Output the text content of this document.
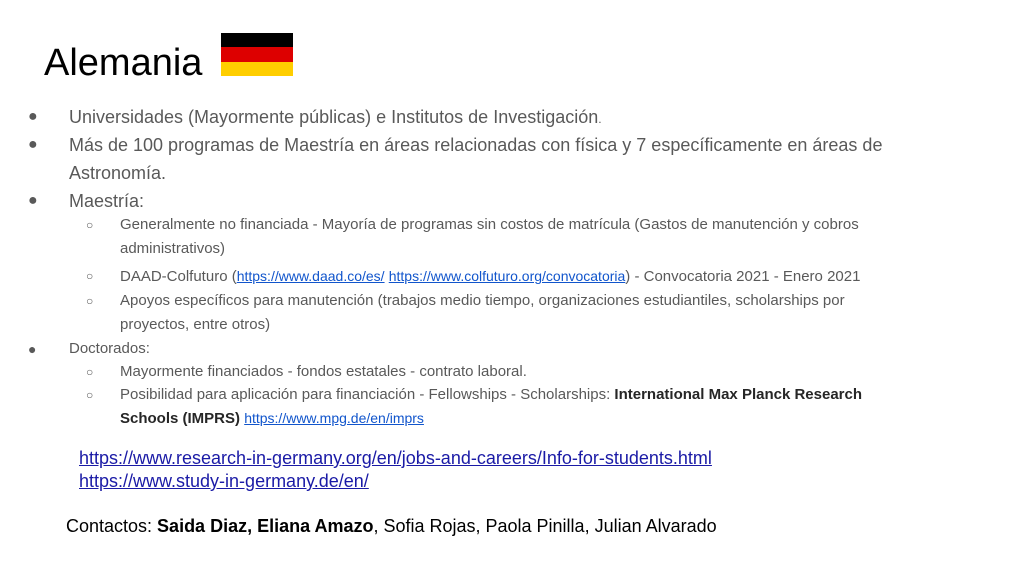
Alemania
● Universidades (Mayormente públicas) e Institutos de Investigación.
● Más de 100 programas de Maestría en áreas relacionadas con física y 7 específicamente en áreas de
Astronomía.
● Maestría:
○ Generalmente no financiada - Mayoría de programas sin costos de matrícula (Gastos de manutención y cobros
administrativos)
○ DAAD-Colfuturo (https://www.daad.co/es/ https://www.colfuturo.org/convocatoria) - Convocatoria 2021 - Enero 2021
○ Apoyos específicos para manutención (trabajos medio tiempo, organizaciones estudiantiles, scholarships por
proyectos, entre otros)
● Doctorados:
○ Mayormente financiados - fondos estatales - contrato laboral.
○ Posibilidad para aplicación para financiación - Fellowships - Scholarships: International Max Planck Research
Schools (IMPRS) https://www.mpg.de/en/imprs
https://www.research-in-germany.org/en/jobs-and-careers/Info-for-students.html
https://www.study-in-germany.de/en/
Contactos: Saida Diaz, Eliana Amazo, Sofia Rojas, Paola Pinilla, Julian Alvarado
